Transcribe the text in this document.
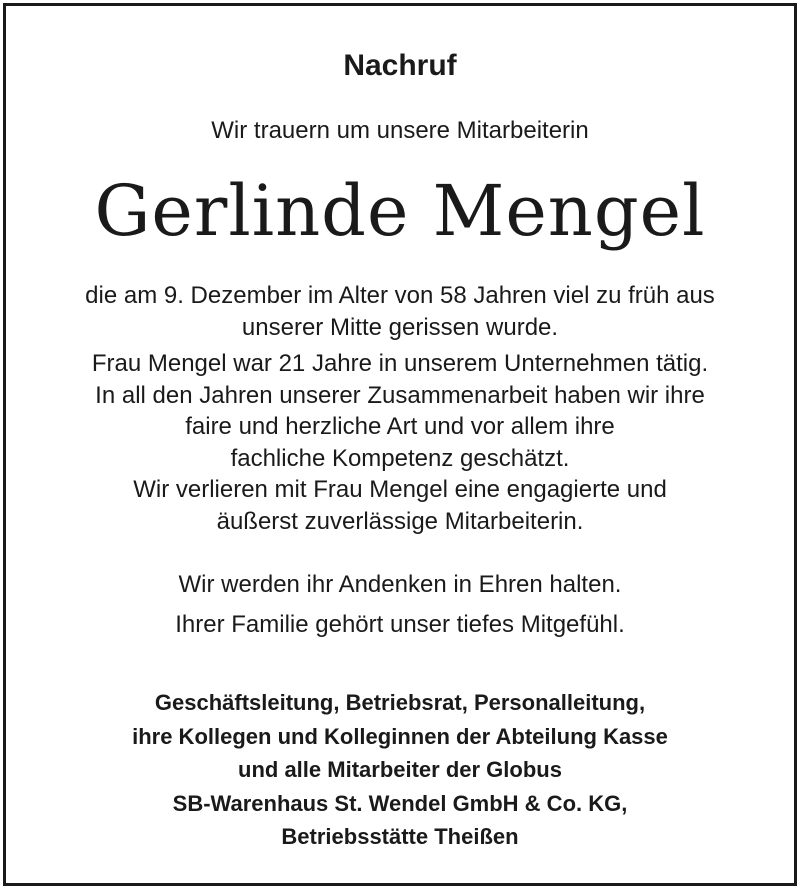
Nachruf
Wir trauern um unsere Mitarbeiterin
Gerlinde Mengel
die am 9. Dezember im Alter von 58 Jahren viel zu früh aus
unserer Mitte gerissen wurde.
Frau Mengel war 21 Jahre in unserem Unternehmen tätig.
In all den Jahren unserer Zusammenarbeit haben wir ihre
faire und herzliche Art und vor allem ihre
fachliche Kompetenz geschätzt.
Wir verlieren mit Frau Mengel eine engagierte und
äußerst zuverlässige Mitarbeiterin.
Wir werden ihr Andenken in Ehren halten.
Ihrer Familie gehört unser tiefes Mitgefühl.
Geschäftsleitung, Betriebsrat, Personalleitung,
ihre Kollegen und Kolleginnen der Abteilung Kasse
und alle Mitarbeiter der Globus
SB-Warenhaus St. Wendel GmbH & Co. KG,
Betriebsstätte Theißen
